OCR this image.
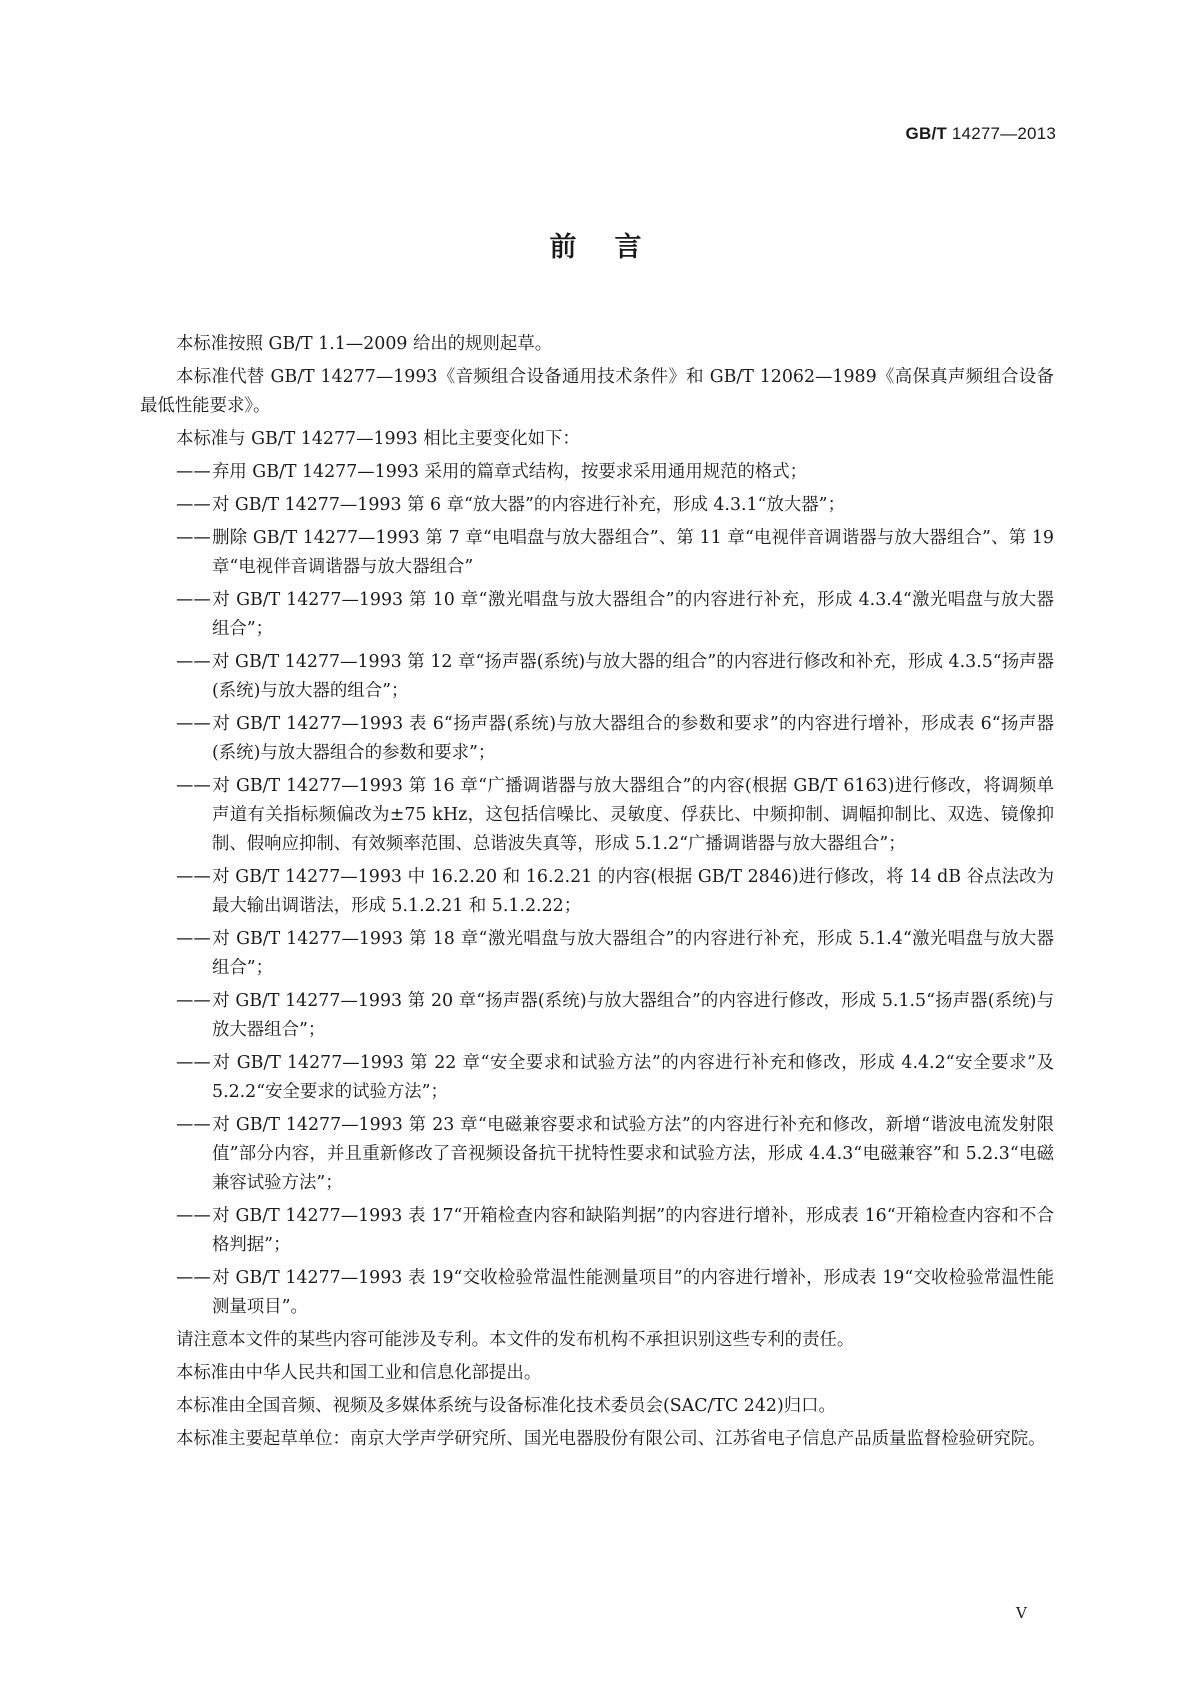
GB/T 14277—2013
前言

本标准按照 GB/T 1.1—2009 给出的规则起草。

本标准代替 GB/T 14277—1993《音频组合设备通用技术条件》和 GB/T 12062—1989《高保真声频组合设备最低性能要求》。

本标准与 GB/T 14277—1993 相比主要变化如下：

——弃用 GB/T 14277—1993 采用的篇章式结构，按要求采用通用规范的格式；
——对 GB/T 14277—1993 第 6 章“放大器”的内容进行补充，形成 4.3.1“放大器”；
——删除 GB/T 14277—1993 第 7 章“电唱盘与放大器组合”、第 11 章“电视伴音调谐器与放大器组合”、第 19 章“电视伴音调谐器与放大器组合”
——对 GB/T 14277—1993 第 10 章“激光唱盘与放大器组合”的内容进行补充，形成 4.3.4“激光唱盘与放大器组合”；
——对 GB/T 14277—1993 第 12 章“扬声器(系统)与放大器的组合”的内容进行修改和补充，形成 4.3.5“扬声器(系统)与放大器的组合”；
——对 GB/T 14277—1993 表 6“扬声器(系统)与放大器组合的参数和要求”的内容进行增补，形成表 6“扬声器(系统)与放大器组合的参数和要求”；
——对 GB/T 14277—1993 第 16 章“广播调谐器与放大器组合”的内容(根据 GB/T 6163)进行修改，将调频单声道有关指标频偏改为±75 kHz，这包括信噪比、灵敏度、俘获比、中频抑制、调幅抑制比、双选、镜像抑制、假响应抑制、有效频率范围、总谐波失真等，形成 5.1.2“广播调谐器与放大器组合”；
——对 GB/T 14277—1993 中 16.2.20 和 16.2.21 的内容(根据 GB/T 2846)进行修改，将 14 dB 谷点法改为最大输出调谐法，形成 5.1.2.21 和 5.1.2.22；
——对 GB/T 14277—1993 第 18 章“激光唱盘与放大器组合”的内容进行补充，形成 5.1.4“激光唱盘与放大器组合”；
——对 GB/T 14277—1993 第 20 章“扬声器(系统)与放大器组合”的内容进行修改，形成 5.1.5“扬声器(系统)与放大器组合”；
——对 GB/T 14277—1993 第 22 章“安全要求和试验方法”的内容进行补充和修改，形成 4.4.2“安全要求”及 5.2.2“安全要求的试验方法”；
——对 GB/T 14277—1993 第 23 章“电磁兼容要求和试验方法”的内容进行补充和修改，新增“谐波电流发射限值”部分内容，并且重新修改了音视频设备抗干扰特性要求和试验方法，形成 4.4.3“电磁兼容”和 5.2.3“电磁兼容试验方法”；
——对 GB/T 14277—1993 表 17“开箱检查内容和缺陷判据”的内容进行增补，形成表 16“开箱检查内容和不合格判据”；
——对 GB/T 14277—1993 表 19“交收检验常温性能测量项目”的内容进行增补，形成表 19“交收检验常温性能测量项目”。

请注意本文件的某些内容可能涉及专利。本文件的发布机构不承担识别这些专利的责任。

本标准由中华人民共和国工业和信息化部提出。

本标准由全国音频、视频及多媒体系统与设备标准化技术委员会(SAC/TC 242)归口。

本标准主要起草单位：南京大学声学研究所、国光电器股份有限公司、江苏省电子信息产品质量监督检验研究院。

V
